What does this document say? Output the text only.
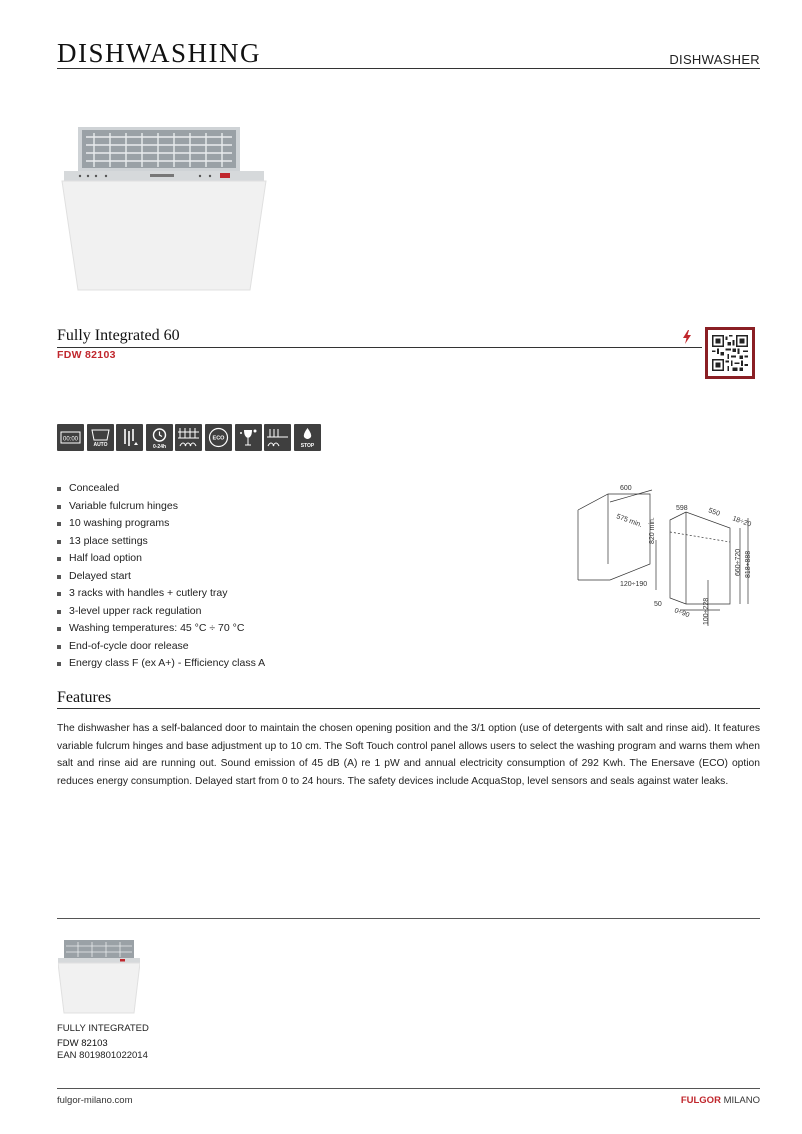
DISHWASHING	DISHWASHER
Fully Integrated 60
FDW 82103
00:00
AUTO	0-24h
ECO
STOP
Concealed
Variable fulcrum hinges
10 washing programs
13 place settings
Half load option
Delayed start
3 racks with handles + cutlery tray
3-level upper rack regulation
Washing temperatures: 45 °C ÷ 70 °C
End-of-cycle door release
Energy class F (ex A+) - Efficiency class A
600
575 min. 820 min.
598	550
18÷20
660÷720 818÷888
120÷190
50
0÷90 100÷228
Features

The dishwasher has a self-balanced door to maintain the chosen opening position and the 3/1 option (use of detergents with salt and rinse aid). It features variable fulcrum hinges and base adjustment up to 10 cm. The Soft Touch control panel allows users to select the washing program and warns them when salt and rinse aid are running out. Sound emission of 45 dB (A) re 1 pW and annual electricity consumption of 292 Kwh. The Enersave (ECO) option reduces energy consumption. Delayed start from 0 to 24 hours. The safety devices include AcquaStop, level sensors and seals against water leaks.

FULLY INTEGRATED
FDW 82103
EAN 8019801022014
fulgor-milano.com	FULGOR MILANO
